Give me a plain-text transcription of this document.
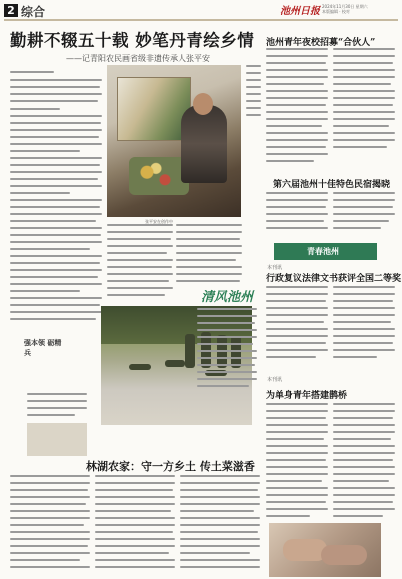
2 综合	池州日报 2024年11月30日 星期六
本版编辑 · 校对
勤耕不辍五十载 妙笔丹青绘乡情
——记青阳农民画省级非遗传承人张平安
张平安在创作中
强本领 砺精兵
林湖农家：守一方乡土 传土菜滋香
清风池州
池州青年夜校招募“合伙人”
第六届池州十佳特色民宿揭晓
青春池州
本刊讯
行政复议法律文书获评全国二等奖
本刊讯
为单身青年搭建鹊桥
